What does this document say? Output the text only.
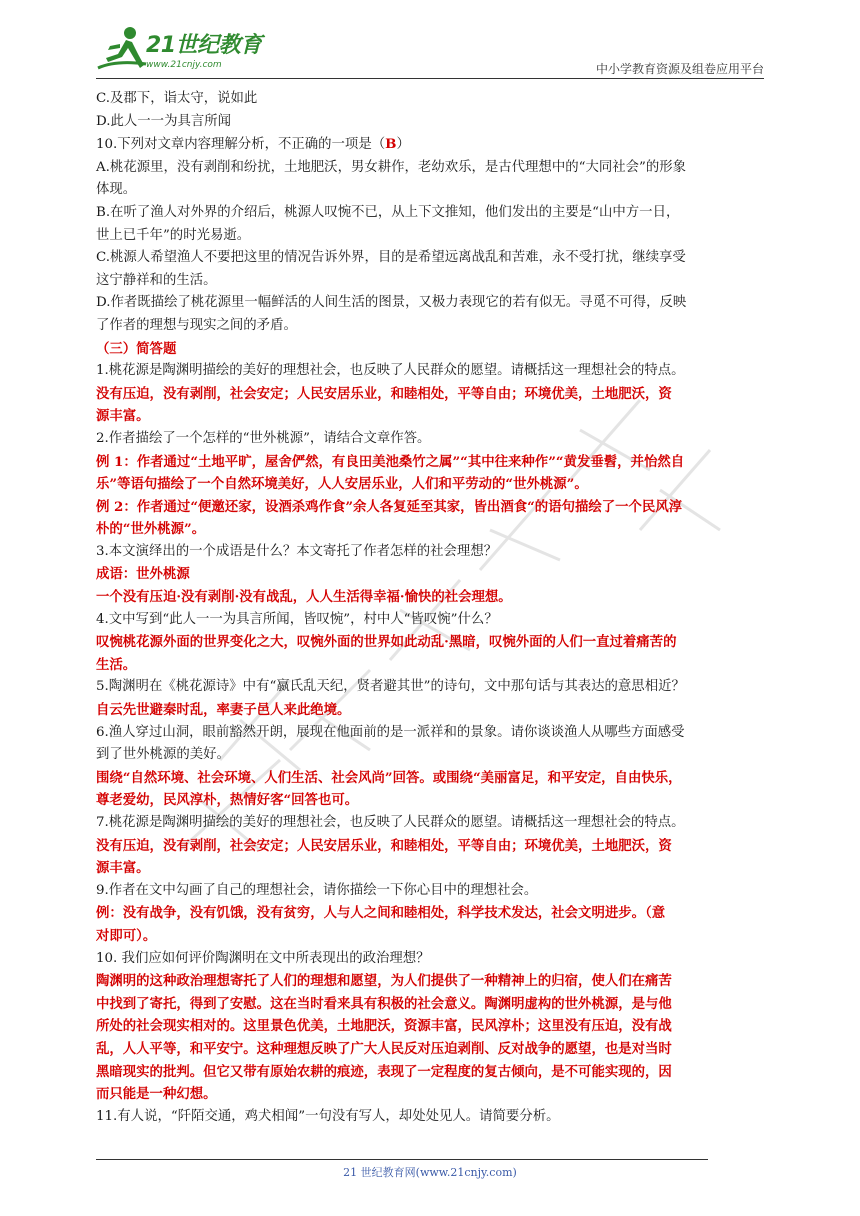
21世纪教育
www.21cnjy.com	中小学教育资源及组卷应用平台

C.及郡下，诣太守，说如此

D.此人一一为具言所闻

10.下列对文章内容理解分析，不正确的一项是（B）

A.桃花源里，没有剥削和纷扰，土地肥沃，男女耕作，老幼欢乐，是古代理想中的“大同社会”的形象

体现。

B.在听了渔人对外界的介绍后，桃源人叹惋不已，从上下文推知，他们发出的主要是“山中方一日，

世上已千年”的时光易逝。

C.桃源人希望渔人不要把这里的情况告诉外界，目的是希望远离战乱和苦难，永不受打扰，继续享受

这宁静祥和的生活。

D.作者既描绘了桃花源里一幅鲜活的人间生活的图景，又极力表现它的若有似无。寻觅不可得，反映

了作者的理想与现实之间的矛盾。

（三）简答题

1.桃花源是陶渊明描绘的美好的理想社会，也反映了人民群众的愿望。请概括这一理想社会的特点。

没有压迫，没有剥削，社会安定；人民安居乐业，和睦相处，平等自由；环境优美，土地肥沃，资

源丰富。

2.作者描绘了一个怎样的“世外桃源”，请结合文章作答。

例 1：作者通过“土地平旷，屋舍俨然，有良田美池桑竹之属”“其中往来种作”“黄发垂髫，并怡然自

乐”等语句描绘了一个自然环境美好，人人安居乐业，人们和平劳动的“世外桃源”。

例 2：作者通过“便邀还家，设酒杀鸡作食”余人各复延至其家，皆出酒食“的语句描绘了一个民风淳

朴的“世外桃源”。

3.本文演绎出的一个成语是什么？本文寄托了作者怎样的社会理想？

成语：世外桃源

一个没有压迫·没有剥削·没有战乱，人人生活得幸福·愉快的社会理想。

4.文中写到“此人一一为具言所闻，皆叹惋”，村中人“皆叹惋”什么？

叹惋桃花源外面的世界变化之大，叹惋外面的世界如此动乱·黑暗，叹惋外面的人们一直过着痛苦的

生活。

5.陶渊明在《桃花源诗》中有“嬴氏乱天纪，贤者避其世”的诗句，文中那句话与其表达的意思相近？

自云先世避秦时乱，率妻子邑人来此绝境。

6.渔人穿过山洞，眼前豁然开朗，展现在他面前的是一派祥和的景象。请你谈谈渔人从哪些方面感受

到了世外桃源的美好。

围绕“自然环境、社会环境、人们生活、社会风尚”回答。或围绕“美丽富足，和平安定，自由快乐，

尊老爱幼，民风淳朴，热情好客“回答也可。

7.桃花源是陶渊明描绘的美好的理想社会，也反映了人民群众的愿望。请概括这一理想社会的特点。

没有压迫，没有剥削，社会安定；人民安居乐业，和睦相处，平等自由；环境优美，土地肥沃，资

源丰富。

9.作者在文中勾画了自己的理想社会，请你描绘一下你心目中的理想社会。

例：没有战争，没有饥饿，没有贫穷，人与人之间和睦相处，科学技术发达，社会文明进步。（意

对即可）。

10. 我们应如何评价陶渊明在文中所表现出的政治理想？

陶渊明的这种政治理想寄托了人们的理想和愿望，为人们提供了一种精神上的归宿，使人们在痛苦

中找到了寄托，得到了安慰。这在当时看来具有积极的社会意义。陶渊明虚构的世外桃源，是与他

所处的社会现实相对的。这里景色优美，土地肥沃，资源丰富，民风淳朴；这里没有压迫，没有战

乱，人人平等，和平安宁。这种理想反映了广大人民反对压迫剥削、反对战争的愿望，也是对当时

黑暗现实的批判。但它又带有原始农耕的痕迹，表现了一定程度的复古倾向，是不可能实现的，因

而只能是一种幻想。

11.有人说，“阡陌交通，鸡犬相闻”一句没有写人，却处处见人。请简要分析。

21 世纪教育网(www.21cnjy.com)
